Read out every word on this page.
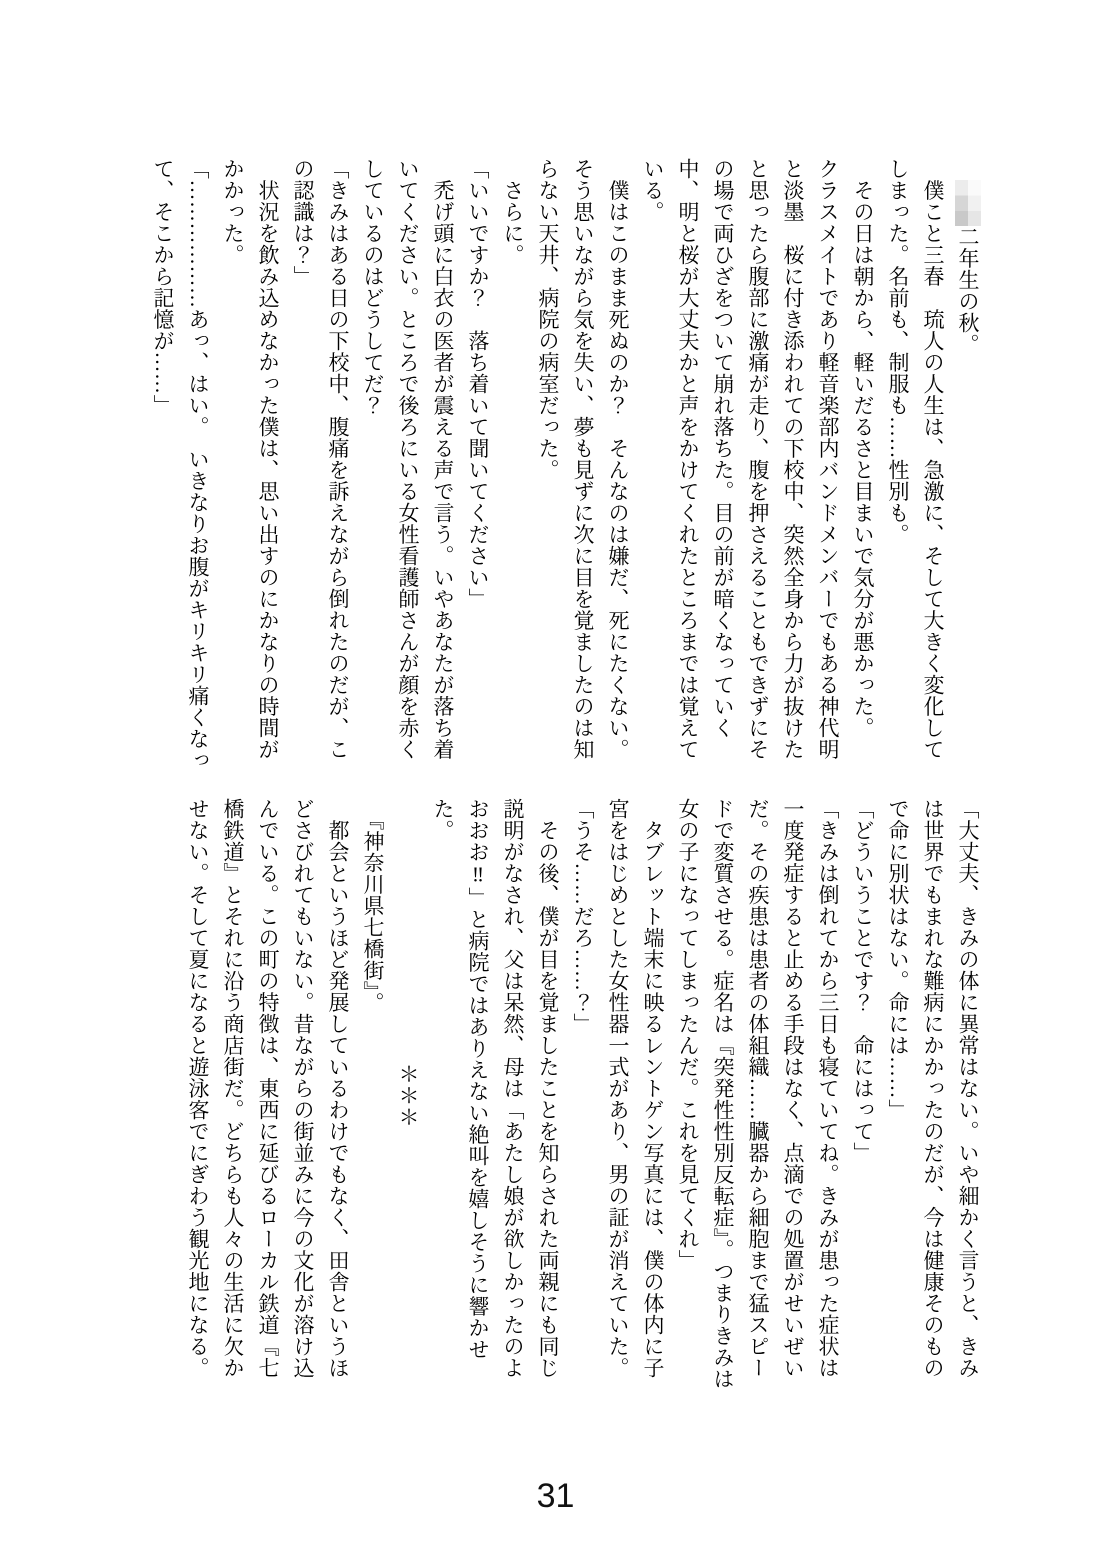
二年生の秋。

　僕こと三春　琉人の人生は、急激に、そして大きく変化してしまった。名前も、制服も……性別も。

　その日は朝から、軽いだるさと目まいで気分が悪かった。

クラスメイトであり軽音楽部内バンドメンバーでもある神代明と淡墨　桜に付き添われての下校中、突然全身から力が抜けたと思ったら腹部に激痛が走り、腹を押さえることもできずにその場で両ひざをついて崩れ落ちた。目の前が暗くなっていく中、明と桜が大丈夫かと声をかけてくれたところまでは覚えている。

　僕はこのまま死ぬのか？　そんなのは嫌だ、死にたくない。そう思いながら気を失い、夢も見ずに次に目を覚ましたのは知らない天井、病院の病室だった。

　さらに。

「いいですか？　落ち着いて聞いてください」

　禿げ頭に白衣の医者が震える声で言う。いやあなたが落ち着いてください。ところで後ろにいる女性看護師さんが顔を赤くしているのはどうしてだ？

「きみはある日の下校中、腹痛を訴えながら倒れたのだが、この認識は？」

　状況を飲み込めなかった僕は、思い出すのにかなりの時間がかかった。

「………………あっ、はい。　いきなりお腹がキリキリ痛くなって、そこから記憶が……」

「大丈夫、きみの体に異常はない。いや細かく言うと、きみは世界でもまれな難病にかかったのだが、今は健康そのもので命に別状はない。命には……」

「どういうことです？　命にはって」

「きみは倒れてから三日も寝ていてね。きみが患った症状は一度発症すると止める手段はなく、点滴での処置がせいぜいだ。その疾患は患者の体組織……臓器から細胞まで猛スピードで変質させる。症名は『突発性性別反転症』。つまりきみは女の子になってしまったんだ。これを見てくれ」

　タブレット端末に映るレントゲン写真には、僕の体内に子宮をはじめとした女性器一式があり、男の証が消えていた。

「うそ……だろ……？」

　その後、僕が目を覚ましたことを知らされた両親にも同じ説明がなされ、父は呆然、母は「あたし娘が欲しかったのよおおお‼」と病院ではありえない絶叫を嬉しそうに響かせた。

＊＊＊

　『神奈川県七橋街』。

　都会というほど発展しているわけでもなく、田舎というほどさびれてもいない。昔ながらの街並みに今の文化が溶け込んでいる。この町の特徴は、東西に延びるローカル鉄道『七橋鉄道』とそれに沿う商店街だ。どちらも人々の生活に欠かせない。そして夏になると遊泳客でにぎわう観光地になる。

31
